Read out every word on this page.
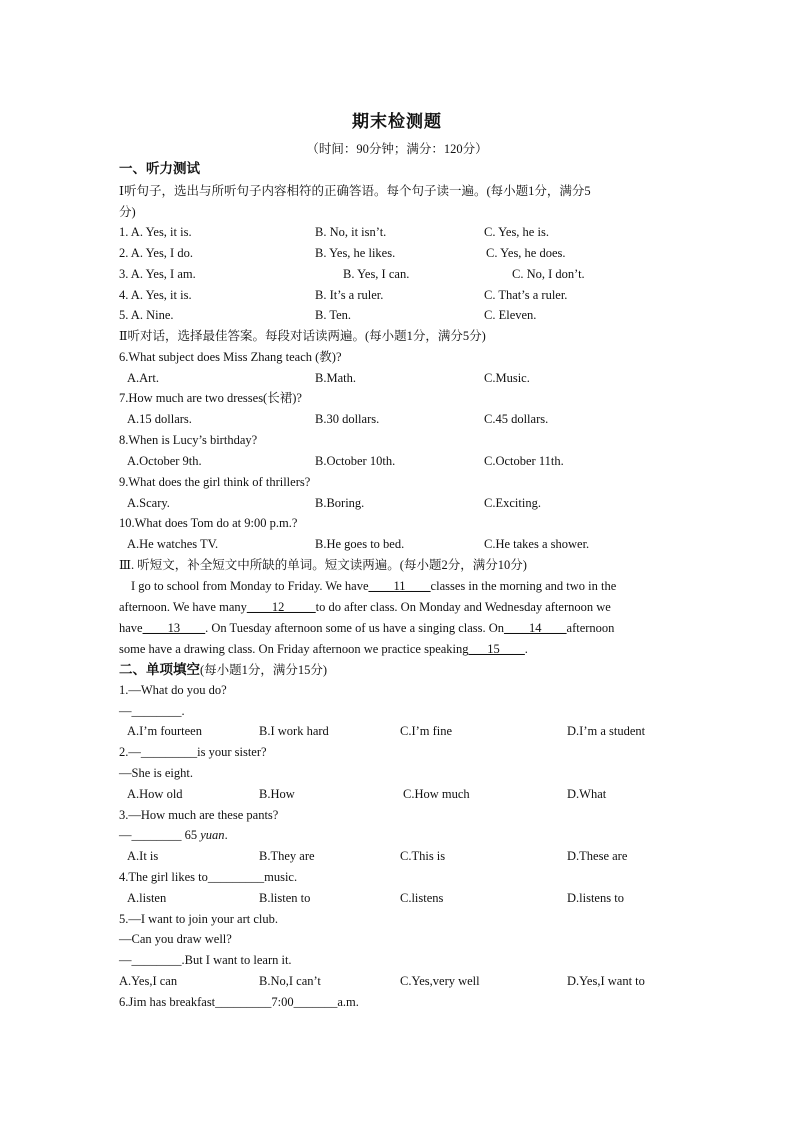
期末检测题
（时间：90分钟；满分：120分）
一、听力测试
Ⅰ听句子，选出与所听句子内容相符的正确答语。每个句子读一遍。(每小题1分，满分5
分)
1. A. Yes, it is.	B. No, it isn’t.	C. Yes, he is.
2. A. Yes, I do.	B. Yes, he likes.	C. Yes, he does.
3. A. Yes, I am.	B. Yes, I can.	C. No, I don’t.
4. A. Yes, it is.	B. It’s a ruler.	C. That’s a ruler.
5. A. Nine.	B. Ten.	C. Eleven.
Ⅱ听对话，选择最佳答案。每段对话读两遍。(每小题1分，满分5分)
6.What subject does Miss Zhang teach (教)?
A.Art.	B.Math.	C.Music.
7.How much are two dresses(长裙)?
A.15 dollars.	B.30 dollars.	C.45 dollars.
8.When is Lucy’s birthday?
A.October 9th.	B.October 10th.	C.October 11th.
9.What does the girl think of thrillers?
A.Scary.	B.Boring.	C.Exciting.
10.What does Tom do at 9:00 p.m.?
A.He watches TV.	B.He goes to bed.	C.He takes a shower.
Ⅲ. 听短文，补全短文中所缺的单词。短文读两遍。(每小题2分，满分10分)
I go to school from Monday to Friday. We have____11____classes in the morning and two in the
afternoon. We have many____12_____to do after class. On Monday and Wednesday afternoon we
have____13____. On Tuesday afternoon some of us have a singing class. On____14____afternoon
some have a drawing class. On Friday afternoon we practice speaking___15____.
二、单项填空(每小题1分，满分15分)
1.—What do you do?
—________.
A.I’m fourteen	B.I work hard	C.I’m fine	D.I’m a student
2.—_________is your sister?
—She is eight.
A.How old	B.How	C.How much	D.What
3.—How much are these pants?
—________ 65 yuan.
A.It is	B.They are	C.This is	D.These are
4.The girl likes to_________music.
A.listen	B.listen to	C.listens	D.listens to
5.—I want to join your art club.
—Can you draw well?
—________.But I want to learn it.
A.Yes,I can	B.No,I can’t	C.Yes,very well	D.Yes,I want to
6.Jim has breakfast_________7:00_______a.m.
